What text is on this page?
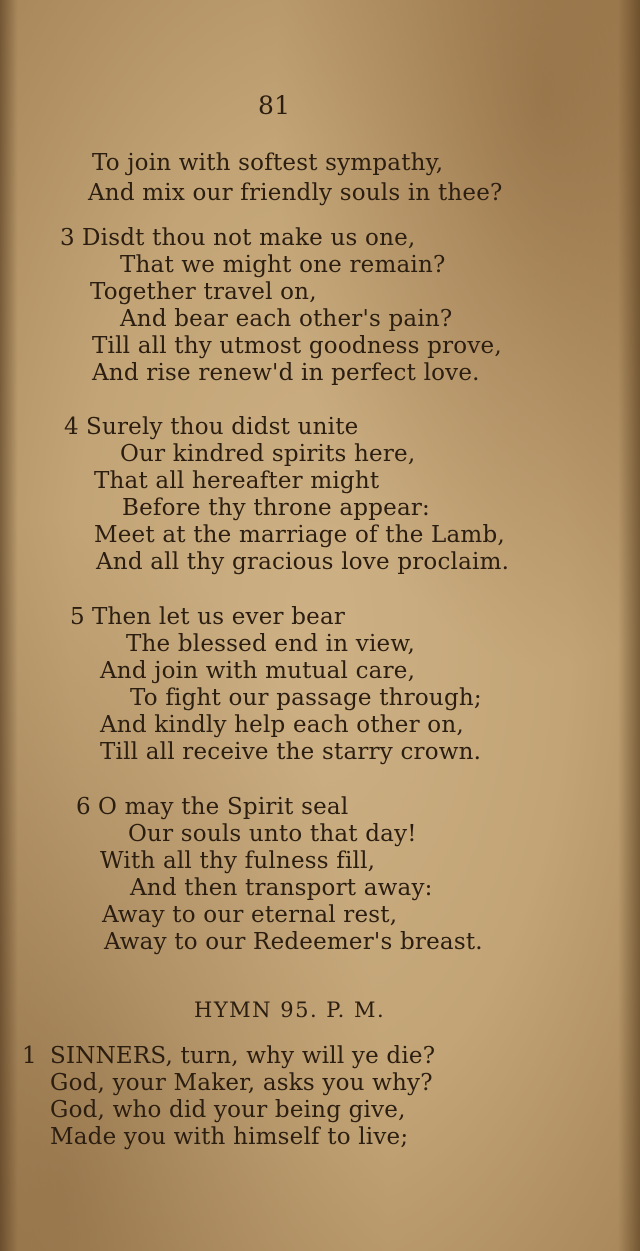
81
To join with softest sympathy,
And mix our friendly souls in thee?
3 Disdt thou not make us one,
That we might one remain?
Together travel on,
And bear each other's pain?
Till all thy utmost goodness prove,
And rise renew'd in perfect love.
4 Surely thou didst unite
Our kindred spirits here,
That all hereafter might
Before thy throne appear:
Meet at the marriage of the Lamb,
And all thy gracious love proclaim.
5 Then let us ever bear
The blessed end in view,
And join with mutual care,
To fight our passage through;
And kindly help each other on,
Till all receive the starry crown.
6 O may the Spirit seal
Our souls unto that day!
With all thy fulness fill,
And then transport away:
Away to our eternal rest,
Away to our Redeemer's breast.
HYMN 95. P. M.
1 SINNERS, turn, why will ye die?
God, your Maker, asks you why?
God, who did your being give,
Made you with himself to live;
